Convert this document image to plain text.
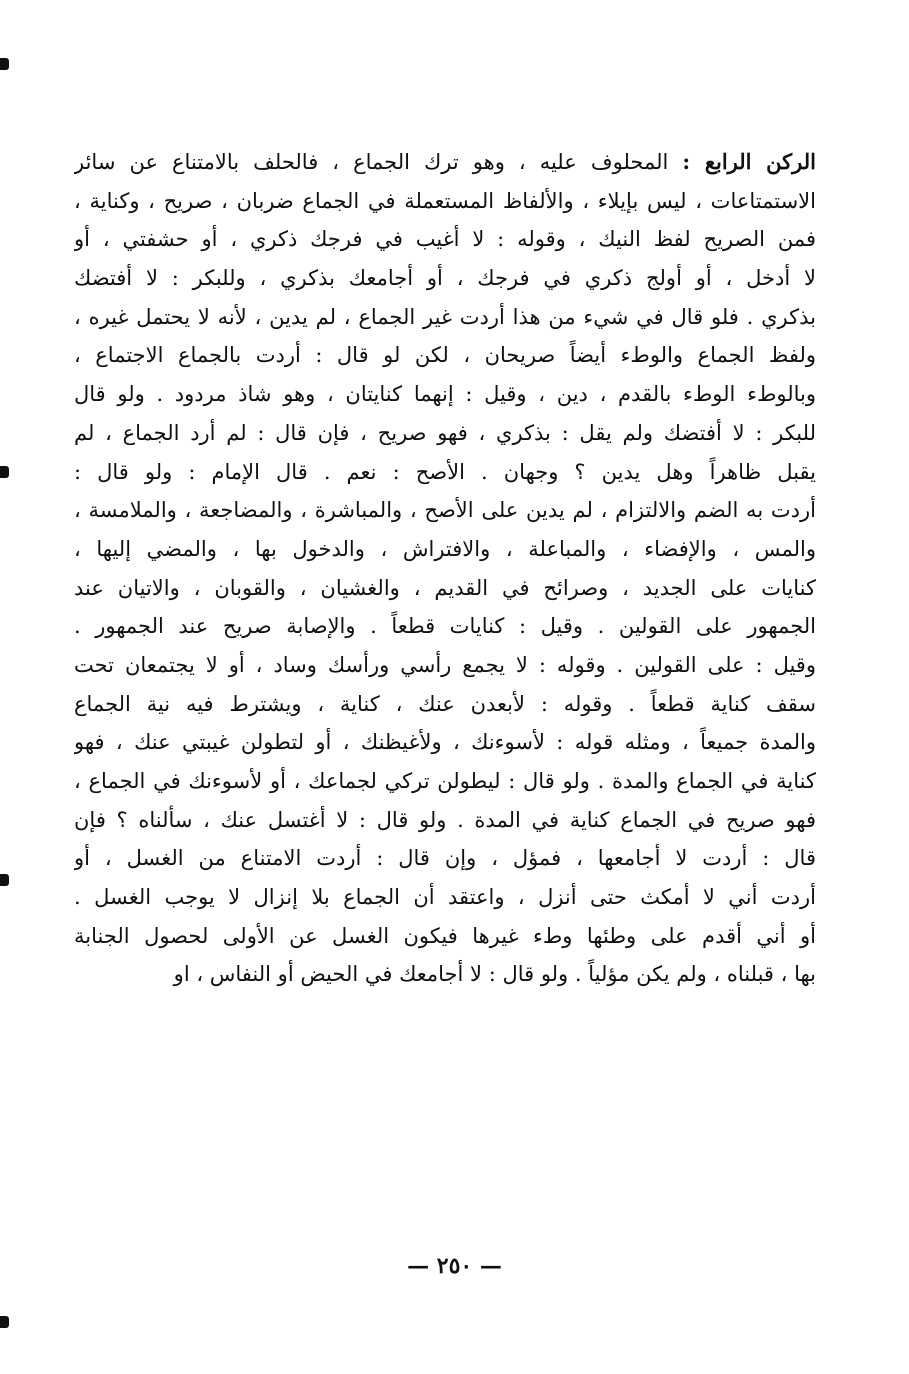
الركن الرابع : المحلوف عليه ، وهو ترك الجماع ، فالحلف بالامتناع عن سائر
الاستمتاعات ، ليس بإيلاء ، والألفاظ المستعملة في الجماع ضربان ، صريح ، وكناية ،
فمن الصريح لفظ النيك ، وقوله : لا أغيب في فرجك ذكري ، أو حشفتي ، أو
لا أدخل ، أو أولج ذكري في فرجك ، أو أجامعك بذكري ، وللبكر : لا أفتضك
بذكري . فلو قال في شيء من هذا أردت غير الجماع ، لم يدين ، لأنه لا يحتمل غيره ،
ولفظ الجماع والوطء أيضاً صريحان ، لكن لو قال : أردت بالجماع الاجتماع ،
وبالوطء الوطء بالقدم ، دين ، وقيل : إنهما كنايتان ، وهو شاذ مردود . ولو قال
للبكر : لا أفتضك ولم يقل : بذكري ، فهو صريح ، فإن قال : لم أرد الجماع ، لم
يقبل ظاهراً وهل يدين ؟ وجهان . الأصح : نعم . قال الإمام : ولو قال :
أردت به الضم والالتزام ، لم يدين على الأصح ، والمباشرة ، والمضاجعة ، والملامسة ،
والمس ، والإفضاء ، والمباعلة ، والافتراش ، والدخول بها ، والمضي إليها ،
كنايات على الجديد ، وصرائح في القديم ، والغشيان ، والقوبان ، والاتيان عند
الجمهور على القولين . وقيل : كنايات قطعاً . والإصابة صريح عند الجمهور .
وقيل : على القولين . وقوله : لا يجمع رأسي ورأسك وساد ، أو لا يجتمعان تحت
سقف كناية قطعاً . وقوله : لأبعدن عنك ، كناية ، ويشترط فيه نية الجماع
والمدة جميعاً ، ومثله قوله : لأسوءنك ، ولأغيظنك ، أو لتطولن غيبتي عنك ، فهو
كناية في الجماع والمدة . ولو قال : ليطولن تركي لجماعك ، أو لأسوءنك في الجماع ،
فهو صريح في الجماع كناية في المدة . ولو قال : لا أغتسل عنك ، سألناه ؟ فإن
قال : أردت لا أجامعها ، فمؤل ، وإن قال : أردت الامتناع من الغسل ، أو
أردت أني لا أمكث حتى أنزل ، واعتقد أن الجماع بلا إنزال لا يوجب الغسل .
أو أني أقدم على وطئها وطء غيرها فيكون الغسل عن الأولى لحصول الجنابة
بها ، قبلناه ، ولم يكن مؤلياً . ولو قال : لا أجامعك في الحيض أو النفاس ، او
— ٢٥٠ —
